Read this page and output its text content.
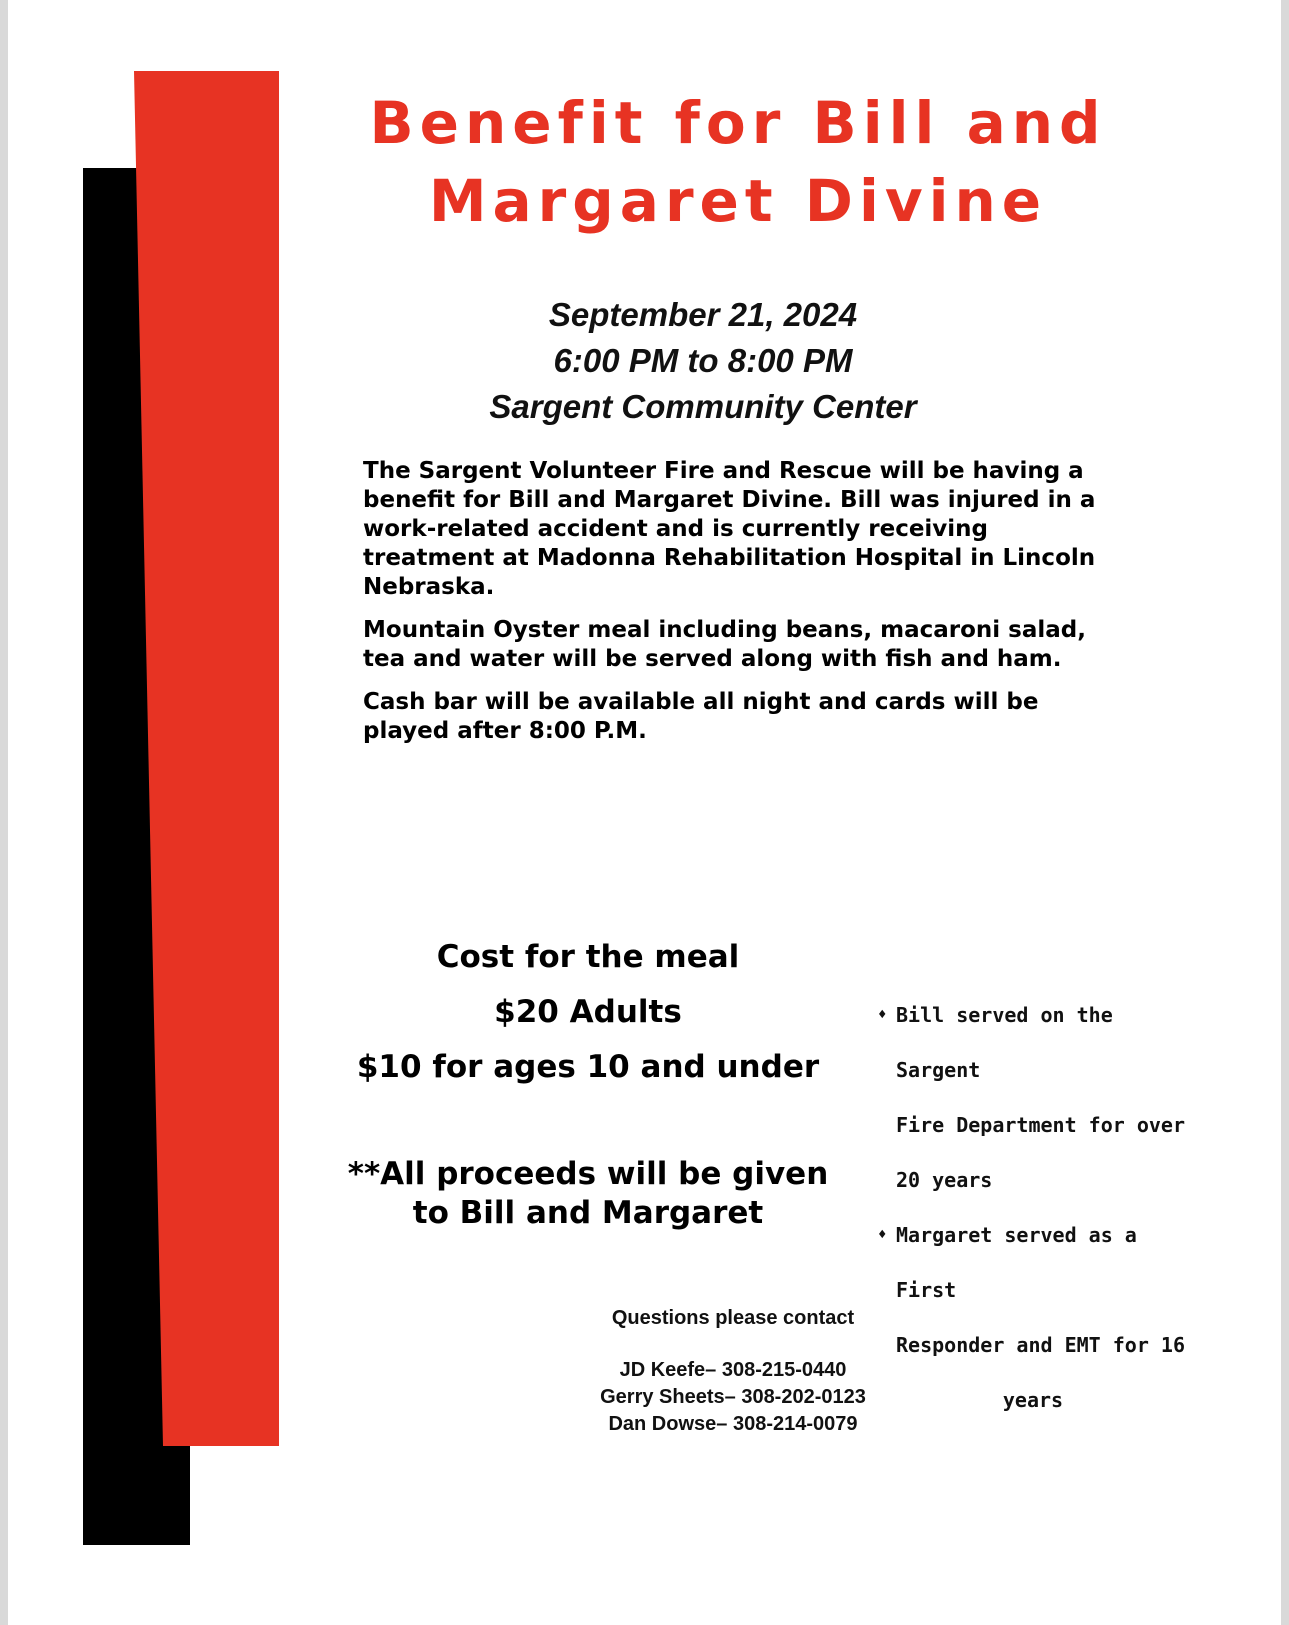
Benefit for Bill and
Margaret Divine
September 21, 2024
6:00 PM to 8:00 PM
Sargent Community Center

The Sargent Volunteer Fire and Rescue will be having a benefit for Bill and Margaret Divine. Bill was injured in a work-related accident and is currently receiving treatment at Madonna Rehabilitation Hospital in Lincoln Nebraska.

Mountain Oyster meal including beans, macaroni salad, tea and water will be served along with fish and ham.

Cash bar will be available all night and cards will be played after 8:00 P.M.

Cost for the meal
$20 Adults
$10 for ages 10 and under
**All proceeds will be given
to Bill and Margaret
♦ Bill served on the Sargent
Fire Department for over
20 years
♦ Margaret served as a First
Responder and EMT for 16
years
Questions please contact
JD Keefe– 308-215-0440
Gerry Sheets– 308-202-0123
Dan Dowse– 308-214-0079
